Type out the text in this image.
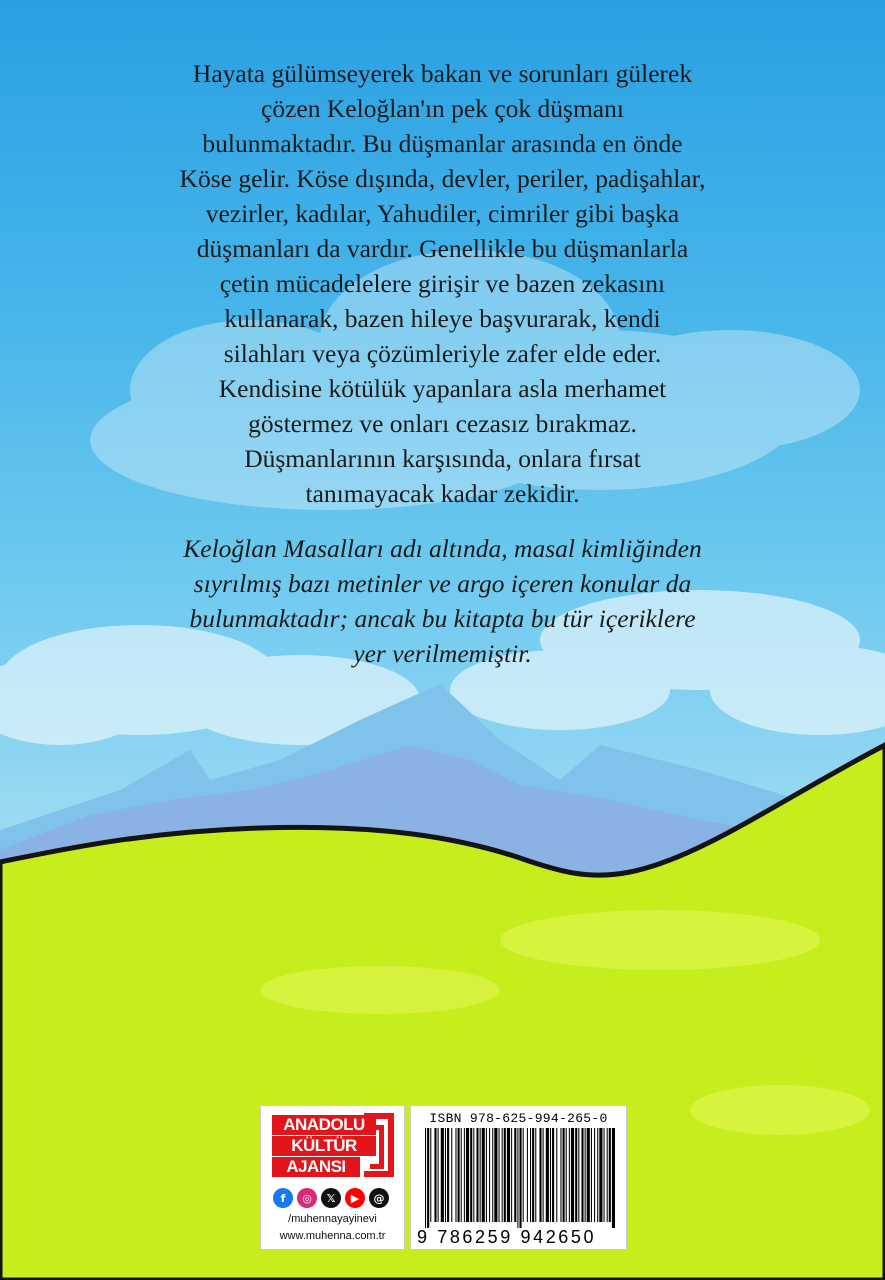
Hayata gülümseyerek bakan ve sorunları gülerek
çözen Keloğlan'ın pek çok düşmanı
bulunmaktadır. Bu düşmanlar arasında en önde
Köse gelir. Köse dışında, devler, periler, padişahlar,
vezirler, kadılar, Yahudiler, cimriler gibi başka
düşmanları da vardır. Genellikle bu düşmanlarla
çetin mücadelelere girişir ve bazen zekasını
kullanarak, bazen hileye başvurarak, kendi
silahları veya çözümleriyle zafer elde eder.
Kendisine kötülük yapanlara asla merhamet
göstermez ve onları cezasız bırakmaz.
Düşmanlarının karşısında, onlara fırsat
tanımayacak kadar zekidir.
Keloğlan Masalları adı altında, masal kimliğinden
sıyrılmış bazı metinler ve argo içeren konular da
bulunmaktadır; ancak bu kitapta bu tür içeriklere
yer verilmemiştir.
ANADOLU
KÜLTÜR
AJANSI
f	◎	𝕏	▶	@
/muhennayayinevi
www.muhenna.com.tr
ISBN 978-625-994-265-0
9 786259 942650
